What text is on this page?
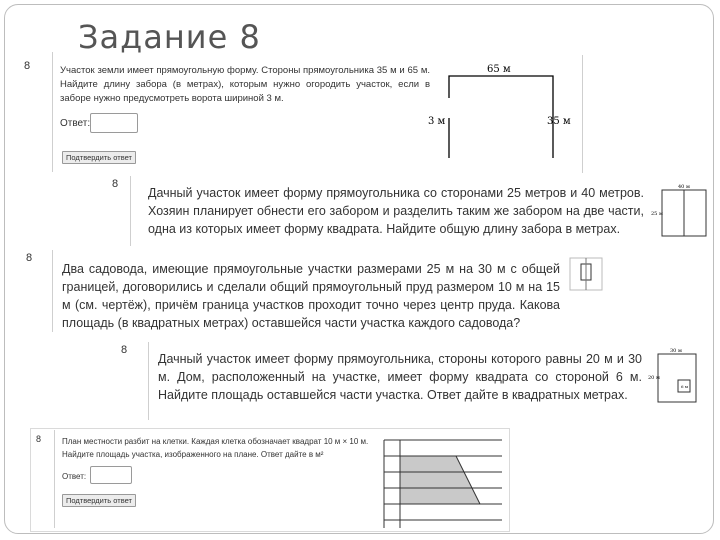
Задание 8
8	Участок земли имеет прямоугольную форму. Стороны прямоугольника 35 м и 65 м. Найдите длину забора (в метрах), которым нужно огородить участок, если в заборе нужно предусмотреть ворота шириной 3 м.
Ответ:
Подтвердить ответ
65 м
3 м	35 м
8
Дачный участок имеет форму прямоугольника со сторонами 25 метров и 40 метров. Хозяин планирует обнести его забором и разделить таким же забором на две части, одна из которых имеет форму квадрата. Найдите общую длину забора в метрах.
40 м
25 м
8
Два садовода, имеющие прямоугольные участки размерами 25 м на 30 м с общей границей, договорились и сделали общий прямоугольный пруд размером 10 м на 15 м (см. чертёж), причём граница участков проходит точно через центр пруда. Какова площадь (в квадратных метрах) оставшейся части участка каждого садовода?
8
Дачный участок имеет форму прямоугольника, стороны которого равны 20 м и 30 м. Дом, расположенный на участке, имеет форму квадрата со стороной 6 м. Найдите площадь оставшейся части участка. Ответ дайте в квадратных метрах.
30 м
20 м
6 м
8	План местности разбит на клетки. Каждая клетка обозначает квадрат 10 м × 10 м.
Найдите площадь участка, изображенного на плане. Ответ дайте в м²
Ответ:
Подтвердить ответ
